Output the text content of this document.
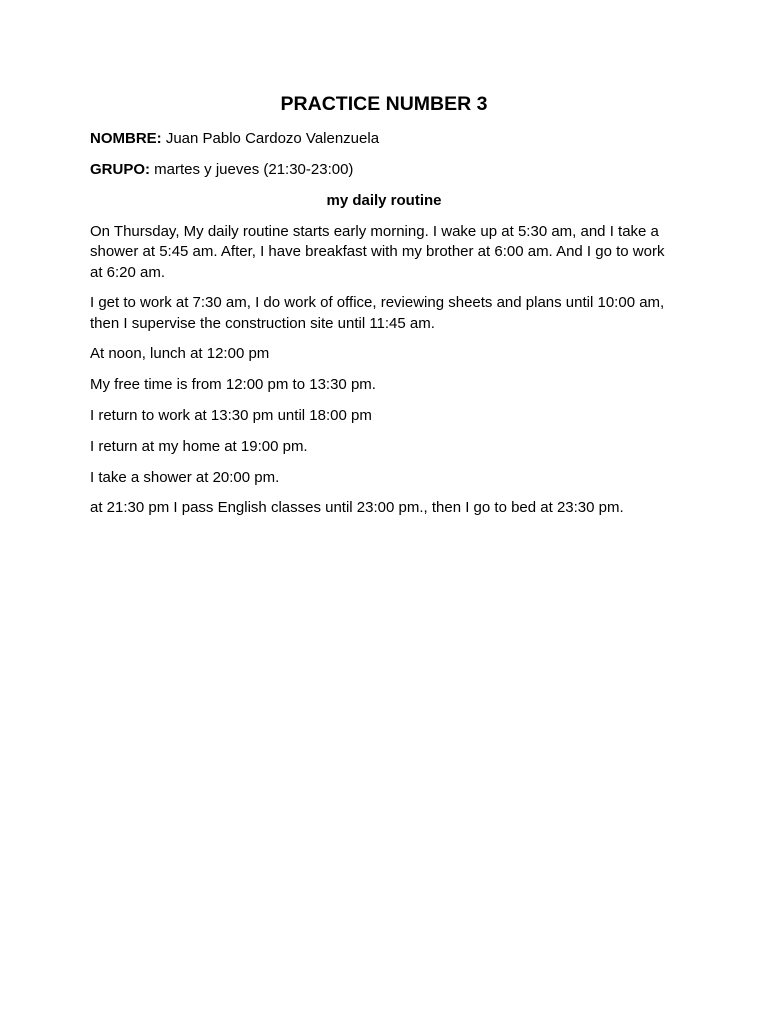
PRACTICE NUMBER 3
NOMBRE: Juan Pablo Cardozo Valenzuela
GRUPO: martes y jueves (21:30-23:00)
my daily routine
On Thursday, My daily routine starts early morning. I wake up at 5:30 am, and I take a shower at 5:45 am. After, I have breakfast with my brother at 6:00 am. And I go to work at 6:20 am.
I get to work at 7:30 am, I do work of office, reviewing sheets and plans until 10:00 am, then I supervise the construction site until 11:45 am.
At noon, lunch at 12:00 pm
My free time is from 12:00 pm to 13:30 pm.
I return to work at 13:30 pm until 18:00 pm
I return at my home at 19:00 pm.
I take a shower at 20:00 pm.
at 21:30 pm I pass English classes until 23:00 pm., then I go to bed at 23:30 pm.
